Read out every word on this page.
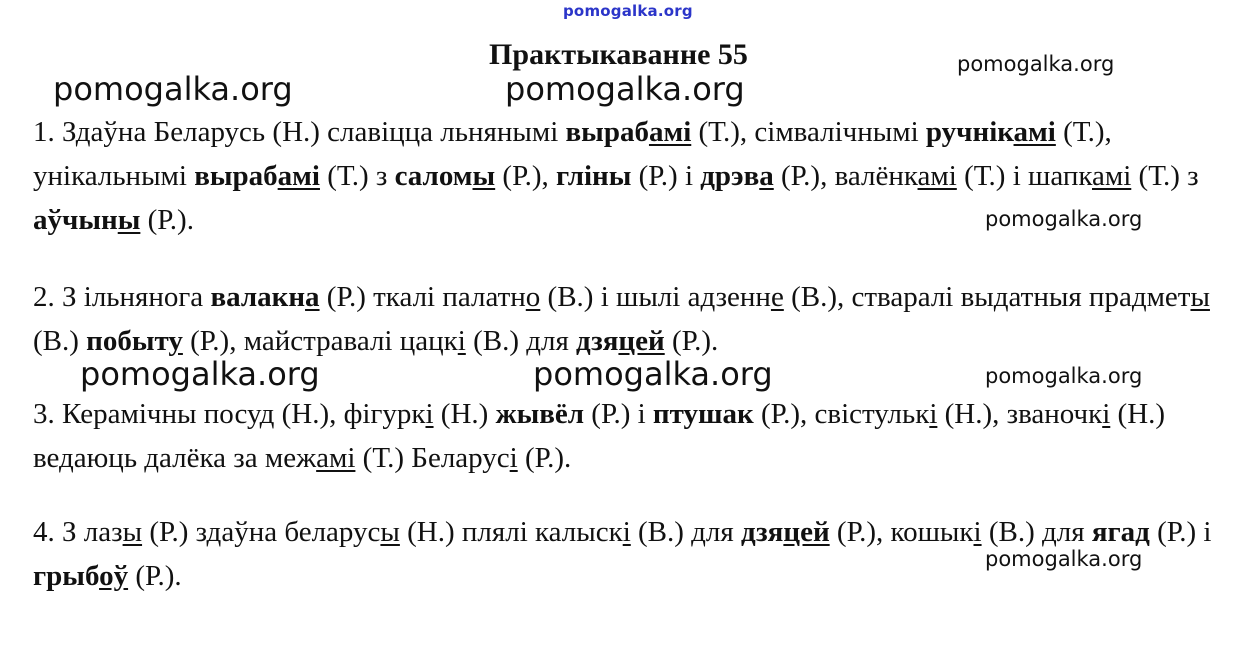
pomogalka.org
pomogalka.org	pomogalka.org
pomogalka.org
pomogalka.org
pomogalka.org	pomogalka.org	pomogalka.org
pomogalka.org
Практыкаванне 55

1. Здаўна Беларусь (Н.) славіцца льнянымі вырабамі (Т.), сімвалічнымі ручнікамі (Т.), унікальнымі вырабамі (Т.) з саломы (Р.), гліны (Р.) і дрэва (Р.), валёнкамі (Т.) і шапкамі (Т.) з аўчыны (Р.).

2. З ільнянога валакна (Р.) ткалі палатно (В.) і шылі адзенне (В.), стваралі выдатныя прадметы (В.) побыту (Р.), майстравалі цацкі (В.) для дзяцей (Р.).

3. Керамічны посуд (Н.), фігуркі (Н.) жывёл (Р.) і птушак (Р.), свістулькі (Н.), званочкі (Н.) ведаюць далёка за межамі (Т.) Беларусі (Р.).

4. З лазы (Р.) здаўна беларусы (Н.) плялі калыскі (В.) для дзяцей (Р.), кошыкі (В.) для ягад (Р.) і грыбоў (Р.).
